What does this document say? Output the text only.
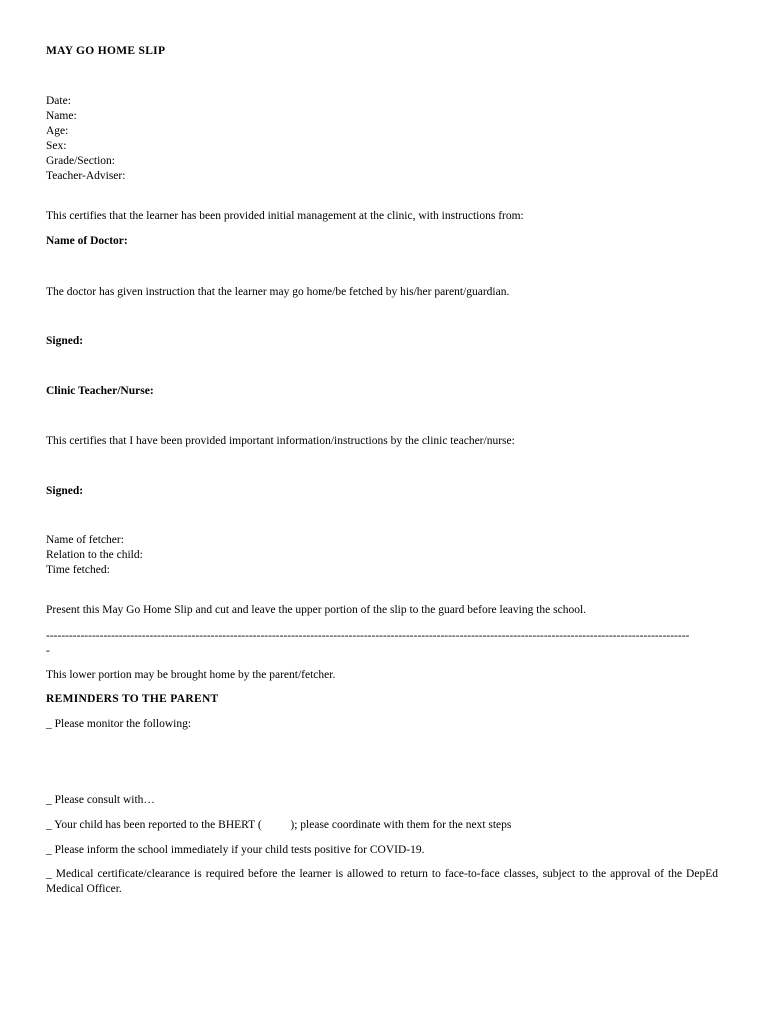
MAY GO HOME SLIP
Date:
Name:
Age:
Sex:
Grade/Section:
Teacher-Adviser:
This certifies that the learner has been provided initial management at the clinic, with instructions from:
Name of Doctor:
The doctor has given instruction that the learner may go home/be fetched by his/her parent/guardian.
Signed:
Clinic Teacher/Nurse:
This certifies that I have been provided important information/instructions by the clinic teacher/nurse:
Signed:
Name of fetcher:
Relation to the child:
Time fetched:
Present this May Go Home Slip and cut and leave the upper portion of the slip to the guard before leaving the school.
------------------------------------------------------------------------------------------------------------------------------------------------------------------------
-
This lower portion may be brought home by the parent/fetcher.
REMINDERS TO THE PARENT
_ Please monitor the following:
_ Please consult with…
_ Your child has been reported to the BHERT (          ); please coordinate with them for the next steps
_ Please inform the school immediately if your child tests positive for COVID-19.
_ Medical certificate/clearance is required before the learner is allowed to return to face-to-face classes, subject to the approval of the DepEd Medical Officer.
